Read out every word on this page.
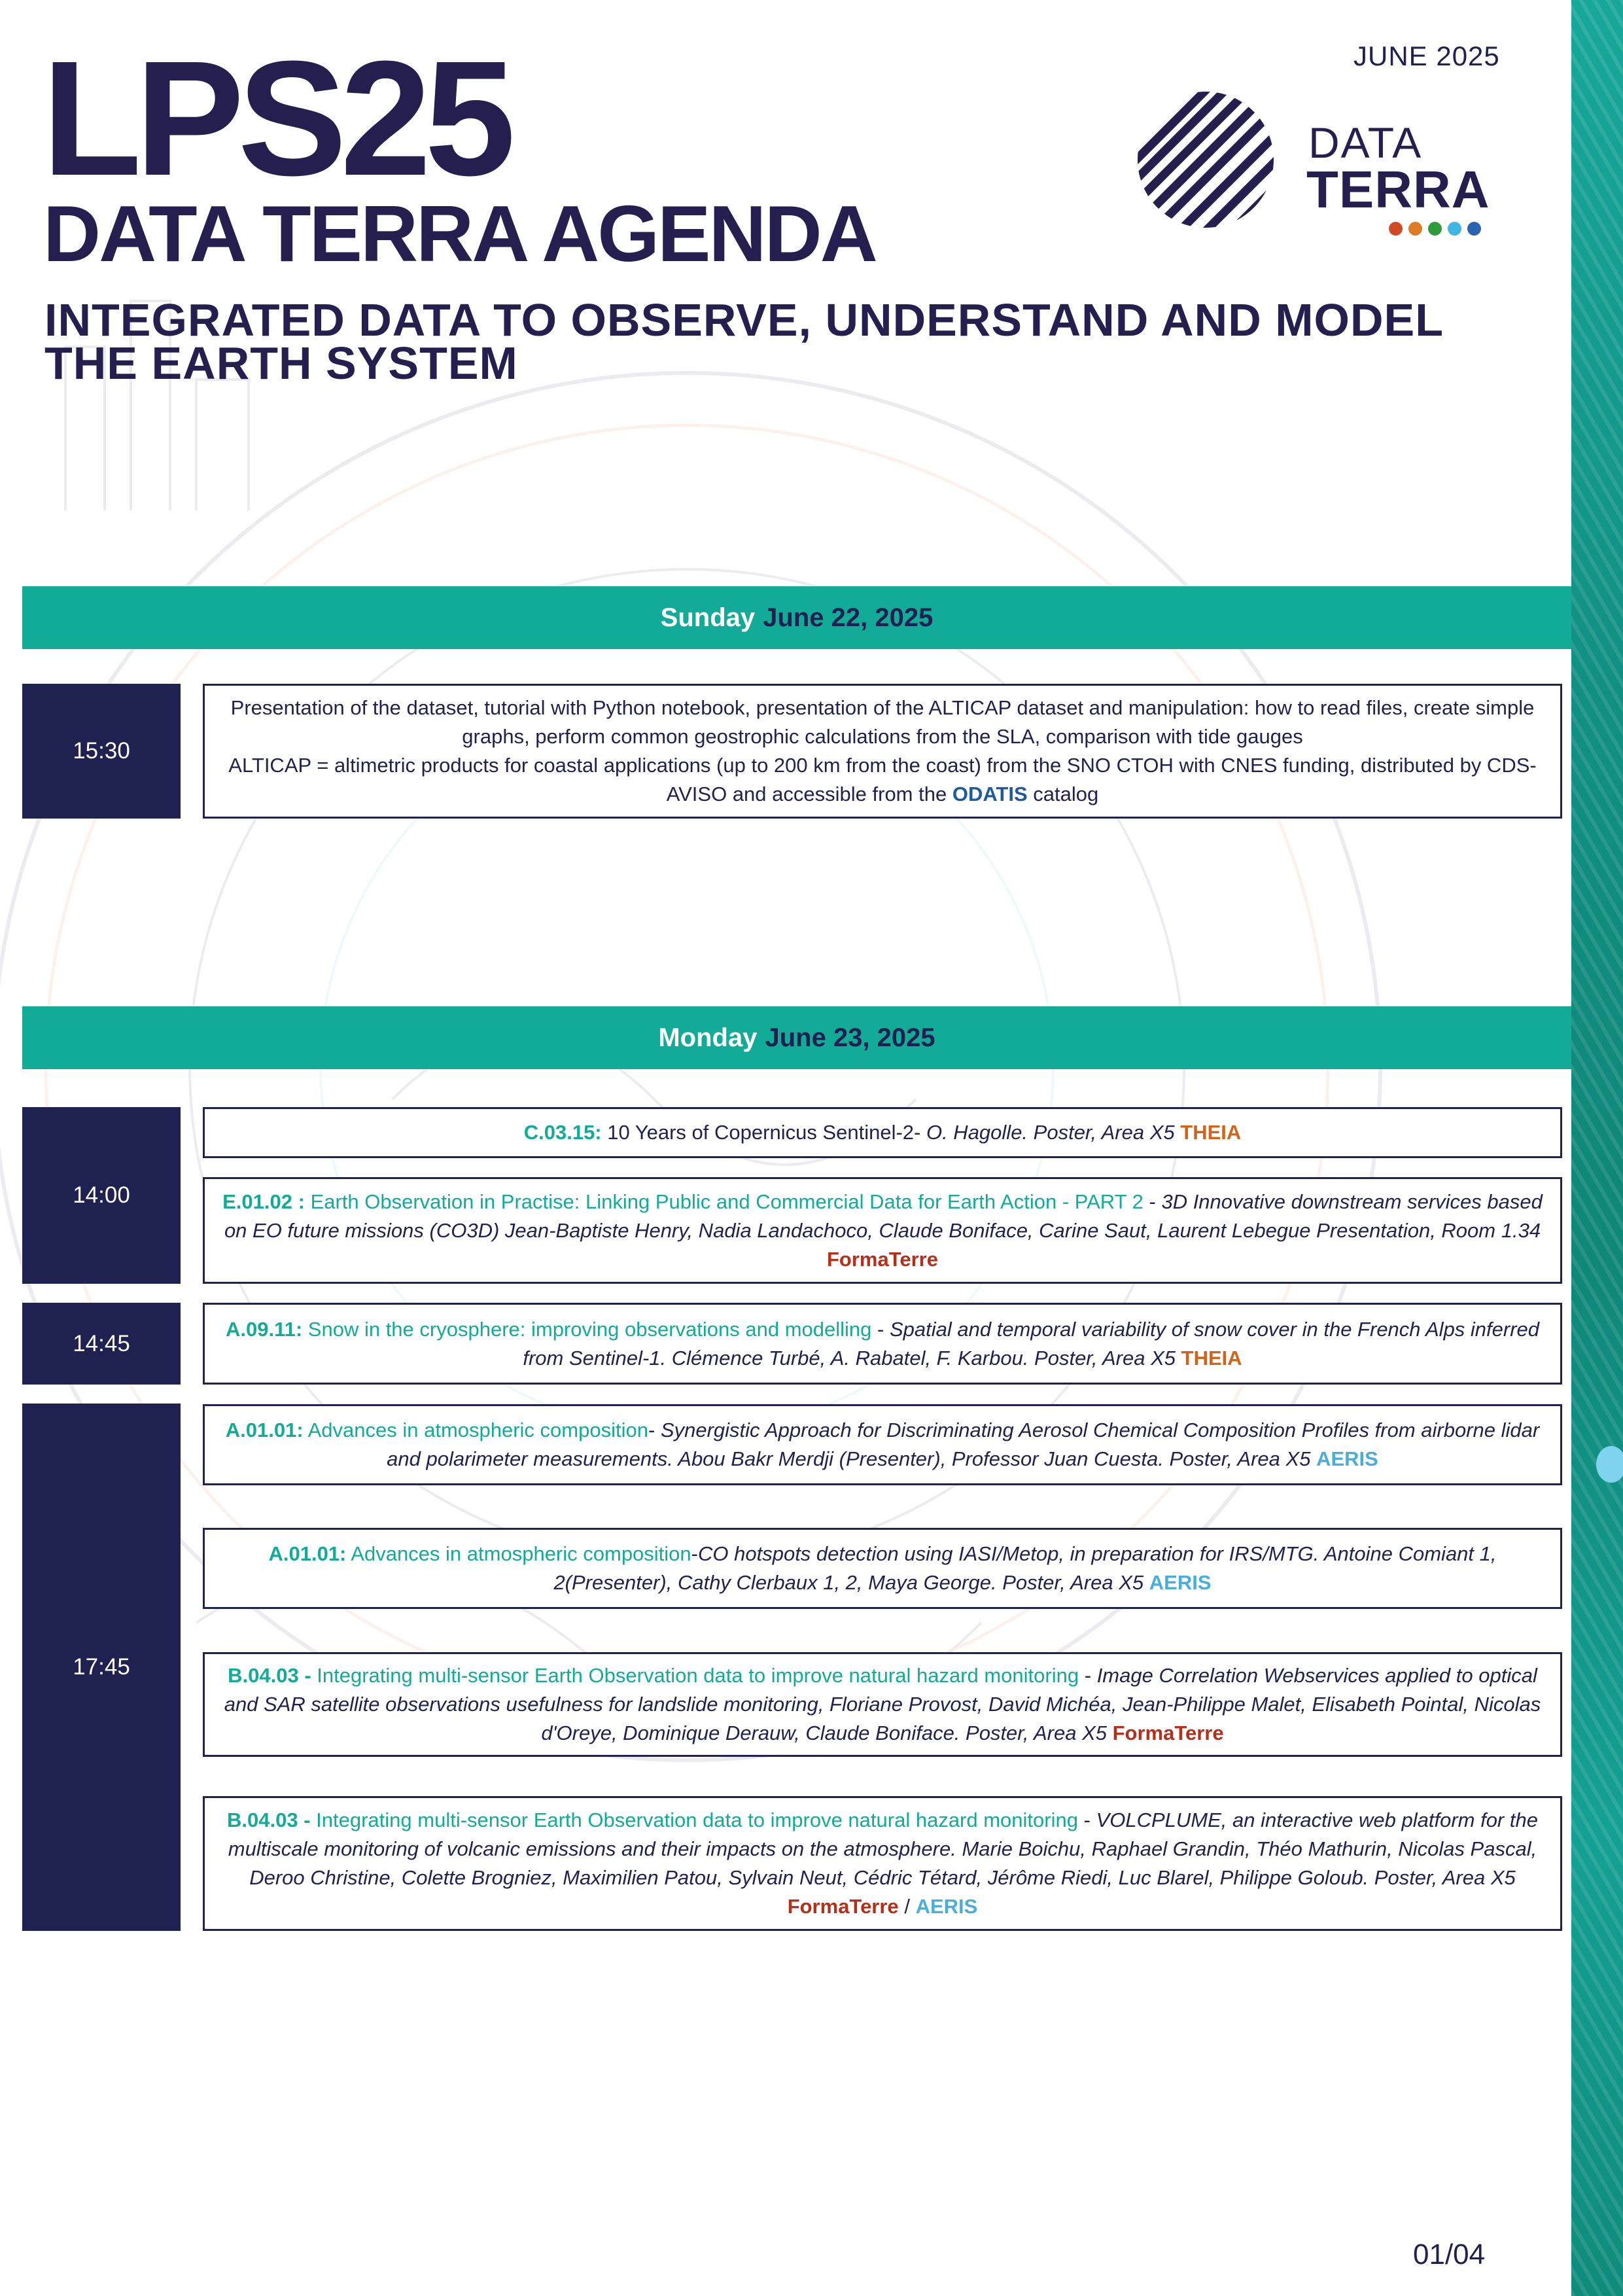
JUNE 2025
LPS25
DATA TERRA AGENDA
INTEGRATED DATA TO OBSERVE, UNDERSTAND AND MODEL THE EARTH SYSTEM
DATA
TERRA
Sunday June 22, 2025
15:30
Presentation of the dataset, tutorial with Python notebook, presentation of the ALTICAP dataset and manipulation: how to read files, create simple graphs, perform common geostrophic calculations from the SLA, comparison with tide gauges
ALTICAP = altimetric products for coastal applications (up to 200 km from the coast) from the SNO CTOH with CNES funding, distributed by CDS-AVISO and accessible from the ODATIS catalog
Monday June 23, 2025
14:00
C.03.15: 10 Years of Copernicus Sentinel-2- O. Hagolle. Poster, Area X5 THEIA
E.01.02 : Earth Observation in Practise: Linking Public and Commercial Data for Earth Action - PART 2 - 3D Innovative downstream services based on EO future missions (CO3D) Jean-Baptiste Henry, Nadia Landachoco, Claude Boniface, Carine Saut, Laurent Lebegue Presentation, Room 1.34 FormaTerre
14:45
A.09.11: Snow in the cryosphere: improving observations and modelling - Spatial and temporal variability of snow cover in the French Alps inferred from Sentinel-1. Clémence Turbé, A. Rabatel, F. Karbou. Poster, Area X5 THEIA
17:45
A.01.01: Advances in atmospheric composition- Synergistic Approach for Discriminating Aerosol Chemical Composition Profiles from airborne lidar and polarimeter measurements. Abou Bakr Merdji (Presenter), Professor Juan Cuesta. Poster, Area X5 AERIS
A.01.01: Advances in atmospheric composition-CO hotspots detection using IASI/Metop, in preparation for IRS/MTG. Antoine Comiant 1, 2(Presenter), Cathy Clerbaux 1, 2, Maya George. Poster, Area X5 AERIS
B.04.03 - Integrating multi-sensor Earth Observation data to improve natural hazard monitoring - Image Correlation Webservices applied to optical and SAR satellite observations usefulness for landslide monitoring, Floriane Provost, David Michéa, Jean-Philippe Malet, Elisabeth Pointal, Nicolas d'Oreye, Dominique Derauw, Claude Boniface. Poster, Area X5 FormaTerre
B.04.03 - Integrating multi-sensor Earth Observation data to improve natural hazard monitoring - VOLCPLUME, an interactive web platform for the multiscale monitoring of volcanic emissions and their impacts on the atmosphere. Marie Boichu, Raphael Grandin, Théo Mathurin, Nicolas Pascal, Deroo Christine, Colette Brogniez, Maximilien Patou, Sylvain Neut, Cédric Tétard, Jérôme Riedi, Luc Blarel, Philippe Goloub. Poster, Area X5 FormaTerre / AERIS
01/04
